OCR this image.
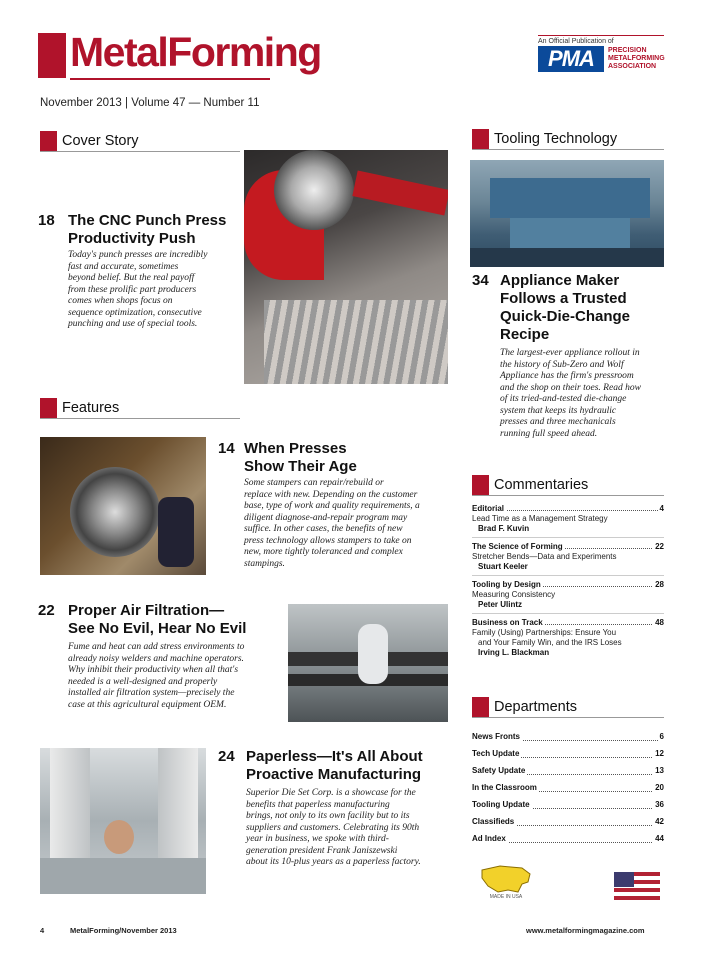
MetalForming	An Official Publication of
PMA	PRECISION
METALFORMING
ASSOCIATION
November 2013 | Volume 47 — Number 11
Cover Story
Features
Tooling Technology
Commentaries
Departments
18 The CNC Punch Press
Productivity Push
Today's punch presses are incredibly
fast and accurate, sometimes
beyond belief. But the real payoff
from these prolific part producers
comes when shops focus on
sequence optimization, consecutive
punching and use of special tools.
14 When Presses
Show Their Age
Some stampers can repair/rebuild or
replace with new. Depending on the customer
base, type of work and quality requirements, a
diligent diagnose-and-repair program may
suffice. In other cases, the benefits of new
press technology allows stampers to take on
new, more tightly toleranced and complex
stampings.
22 Proper Air Filtration—
See No Evil, Hear No Evil
Fume and heat can add stress environments to
already noisy welders and machine operators.
Why inhibit their productivity when all that's
needed is a well-designed and properly
installed air filtration system—precisely the
case at this agricultural equipment OEM.
24 Paperless—It's All About
Proactive Manufacturing
Superior Die Set Corp. is a showcase for the
benefits that paperless manufacturing
brings, not only to its own facility but to its
suppliers and customers. Celebrating its 90th
year in business, we spoke with third-
generation president Frank Janiszewski
about its 10-plus years as a paperless factory.
34 Appliance Maker
Follows a Trusted
Quick-Die-Change
Recipe
The largest-ever appliance rollout in
the history of Sub-Zero and Wolf
Appliance has the firm's pressroom
and the shop on their toes. Read how
of its tried-and-tested die-change
system that keeps its hydraulic
presses and three mechanicals
running full speed ahead.
Editorial	4
Lead Time as a Management Strategy
Brad F. Kuvin
The Science of Forming	22
Stretcher Bends—Data and Experiments
Stuart Keeler
Tooling by Design	28
Measuring Consistency
Peter Ulintz
Business on Track	48
Family (Using) Partnerships: Ensure You
and Your Family Win, and the IRS Loses
Irving L. Blackman
News Fronts	6
Tech Update	12
Safety Update	13
In the Classroom	20
Tooling Update	36
Classifieds	42
Ad Index	44
MADE IN USA
4	MetalForming/November 2013	www.metalformingmagazine.com
